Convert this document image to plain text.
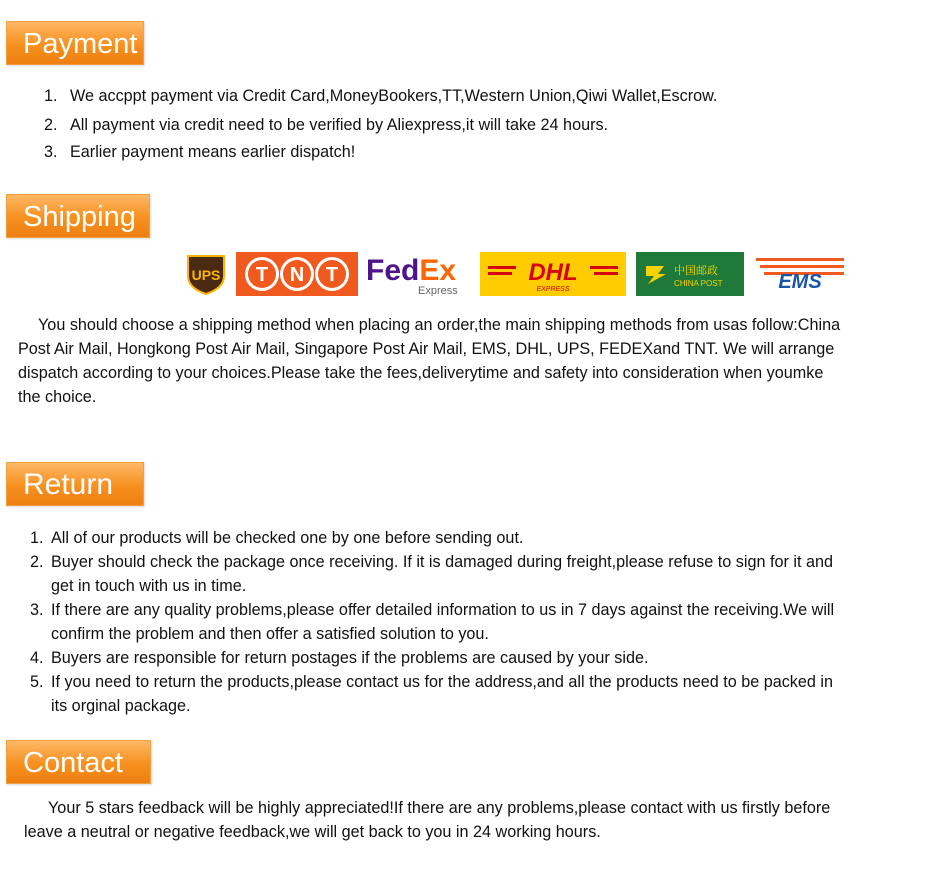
Payment
1. We accppt payment via Credit Card,MoneyBookers,TT,Western Union,Qiwi Wallet,Escrow.
2. All payment via credit need to be verified by Aliexpress,it will take 24 hours.
3. Earlier payment means earlier dispatch!
Shipping
UPS T N T FedEx
Express
DHL
EXPRESS
中国邮政
CHINA POST	EMS
You should choose a shipping method when placing an order,the main shipping methods from usas follow:China
Post Air Mail, Hongkong Post Air Mail, Singapore Post Air Mail, EMS, DHL, UPS, FEDEXand TNT. We will arrange
dispatch according to your choices.Please take the fees,deliverytime and safety into consideration when youmke
the choice.
Return
1. All of our products will be checked one by one before sending out.
2. Buyer should check the package once receiving. If it is damaged during freight,please refuse to sign for it and
get in touch with us in time.
3. If there are any quality problems,please offer detailed information to us in 7 days against the receiving.We will
confirm the problem and then offer a satisfied solution to you.
4. Buyers are responsible for return postages if the problems are caused by your side.
5. If you need to return the products,please contact us for the address,and all the products need to be packed in
its orginal package.
Contact
Your 5 stars feedback will be highly appreciated!If there are any problems,please contact with us firstly before
leave a neutral or negative feedback,we will get back to you in 24 working hours.
